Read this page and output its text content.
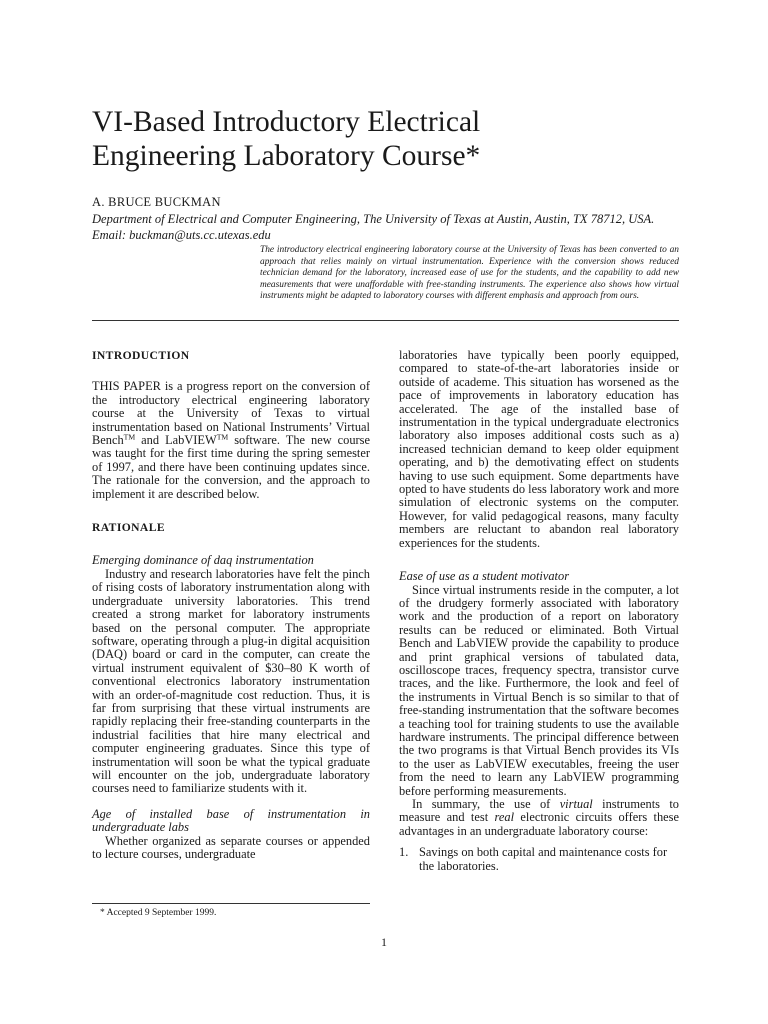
VI-Based Introductory Electrical
Engineering Laboratory Course*
A. BRUCE BUCKMAN
Department of Electrical and Computer Engineering, The University of Texas at Austin, Austin, TX 78712, USA. Email: buckman@uts.cc.utexas.edu
The introductory electrical engineering laboratory course at the University of Texas has been converted to an approach that relies mainly on virtual instrumentation. Experience with the conversion shows reduced technician demand for the laboratory, increased ease of use for the students, and the capability to add new measurements that were unaffordable with free-standing instruments. The experience also shows how virtual instruments might be adapted to laboratory courses with different emphasis and approach from ours.

INTRODUCTION

THIS PAPER is a progress report on the conversion of the introductory electrical engineering laboratory course at the University of Texas to virtual instrumentation based on National Instruments’ Virtual Bench™ and LabVIEW™ software. The new course was taught for the first time during the spring semester of 1997, and there have been continuing updates since. The rationale for the conversion, and the approach to implement it are described below.

RATIONALE

Emerging dominance of daq instrumentation

Industry and research laboratories have felt the pinch of rising costs of laboratory instrumentation along with undergraduate university laboratories. This trend created a strong market for laboratory instruments based on the personal computer. The appropriate software, operating through a plug-in digital acquisition (DAQ) board or card in the computer, can create the virtual instrument equivalent of $30–80 K worth of conventional electronics laboratory instrumentation with an order-of-magnitude cost reduction. Thus, it is far from surprising that these virtual instruments are rapidly replacing their free-standing counterparts in the industrial facilities that hire many electrical and computer engineering graduates. Since this type of instrumentation will soon be what the typical graduate will encounter on the job, undergraduate laboratory courses need to familiarize students with it.

Age of installed base of instrumentation in undergraduate labs

Whether organized as separate courses or appended to lecture courses, undergraduate

laboratories have typically been poorly equipped, compared to state-of-the-art laboratories inside or outside of academe. This situation has worsened as the pace of improvements in laboratory education has accelerated. The age of the installed base of instrumentation in the typical undergraduate electronics laboratory also imposes additional costs such as a) increased technician demand to keep older equipment operating, and b) the demotivating effect on students having to use such equipment. Some departments have opted to have students do less laboratory work and more simulation of electronic systems on the computer. However, for valid pedagogical reasons, many faculty members are reluctant to abandon real laboratory experiences for the students.

Ease of use as a student motivator

Since virtual instruments reside in the computer, a lot of the drudgery formerly associated with laboratory work and the production of a report on laboratory results can be reduced or eliminated. Both Virtual Bench and LabVIEW provide the capability to produce and print graphical versions of tabulated data, oscilloscope traces, frequency spectra, transistor curve traces, and the like. Furthermore, the look and feel of the instruments in Virtual Bench is so similar to that of free-standing instrumentation that the software becomes a teaching tool for training students to use the available hardware instruments. The principal difference between the two programs is that Virtual Bench provides its VIs to the user as LabVIEW executables, freeing the user from the need to learn any LabVIEW programming before performing measurements.

In summary, the use of virtual instruments to measure and test real electronic circuits offers these advantages in an undergraduate laboratory course:

1. Savings on both capital and maintenance costs for the laboratories.
* Accepted 9 September 1999.
1
